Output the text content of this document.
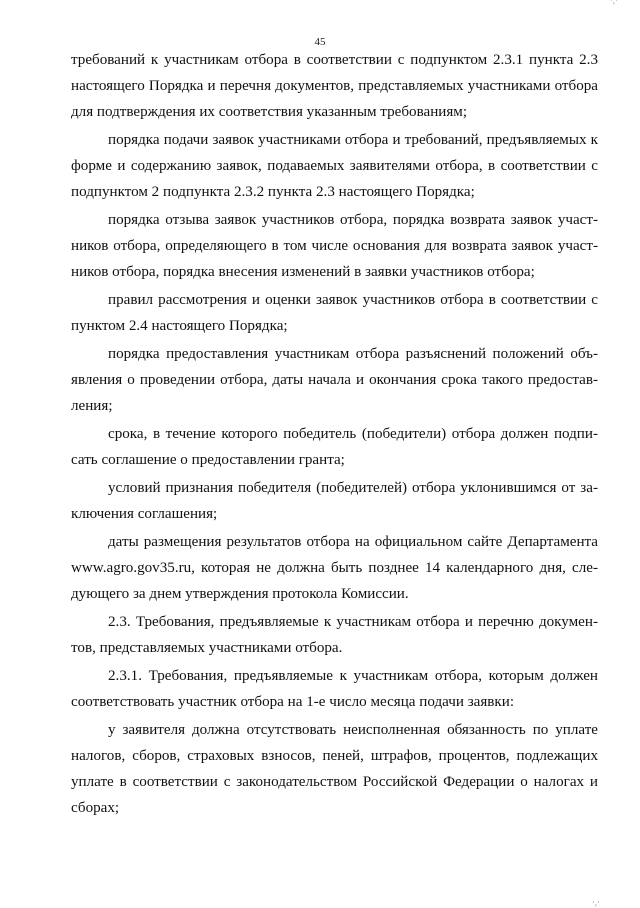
·ˌ·
45

требований к участникам отбора в соответствии с подпунктом 2.3.1 пункта 2.3 настоящего Порядка и перечня документов, представляемых участниками отбора для подтверждения их соответствия указанным требованиям;

порядка подачи заявок участниками отбора и требований, предъявляемых к форме и содержанию заявок, подаваемых заявителями отбора, в соответствии с подпунктом 2 подпункта 2.3.2 пункта 2.3 настоящего Порядка;

порядка отзыва заявок участников отбора, порядка возврата заявок участников отбора, определяющего в том числе основания для возврата заявок участников отбора, порядка внесения изменений в заявки участников отбора;

правил рассмотрения и оценки заявок участников отбора в соответствии с пунктом 2.4 настоящего Порядка;

порядка предоставления участникам отбора разъяснений положений объявления о проведении отбора, даты начала и окончания срока такого предоставления;

срока, в течение которого победитель (победители) отбора должен подписать соглашение о предоставлении гранта;

условий признания победителя (победителей) отбора уклонившимся от заключения соглашения;

даты размещения результатов отбора на официальном сайте Департамента www.agro.gov35.ru, которая не должна быть позднее 14 календарного дня, следующего за днем утверждения протокола Комиссии.

2.3. Требования, предъявляемые к участникам отбора и перечню документов, представляемых участниками отбора.

2.3.1. Требования, предъявляемые к участникам отбора, которым должен соответствовать участник отбора на 1-е число месяца подачи заявки:

у заявителя должна отсутствовать неисполненная обязанность по уплате налогов, сборов, страховых взносов, пеней, штрафов, процентов, подлежащих уплате в соответствии с законодательством Российской Федерации о налогах и сборах;

·ˌ·
